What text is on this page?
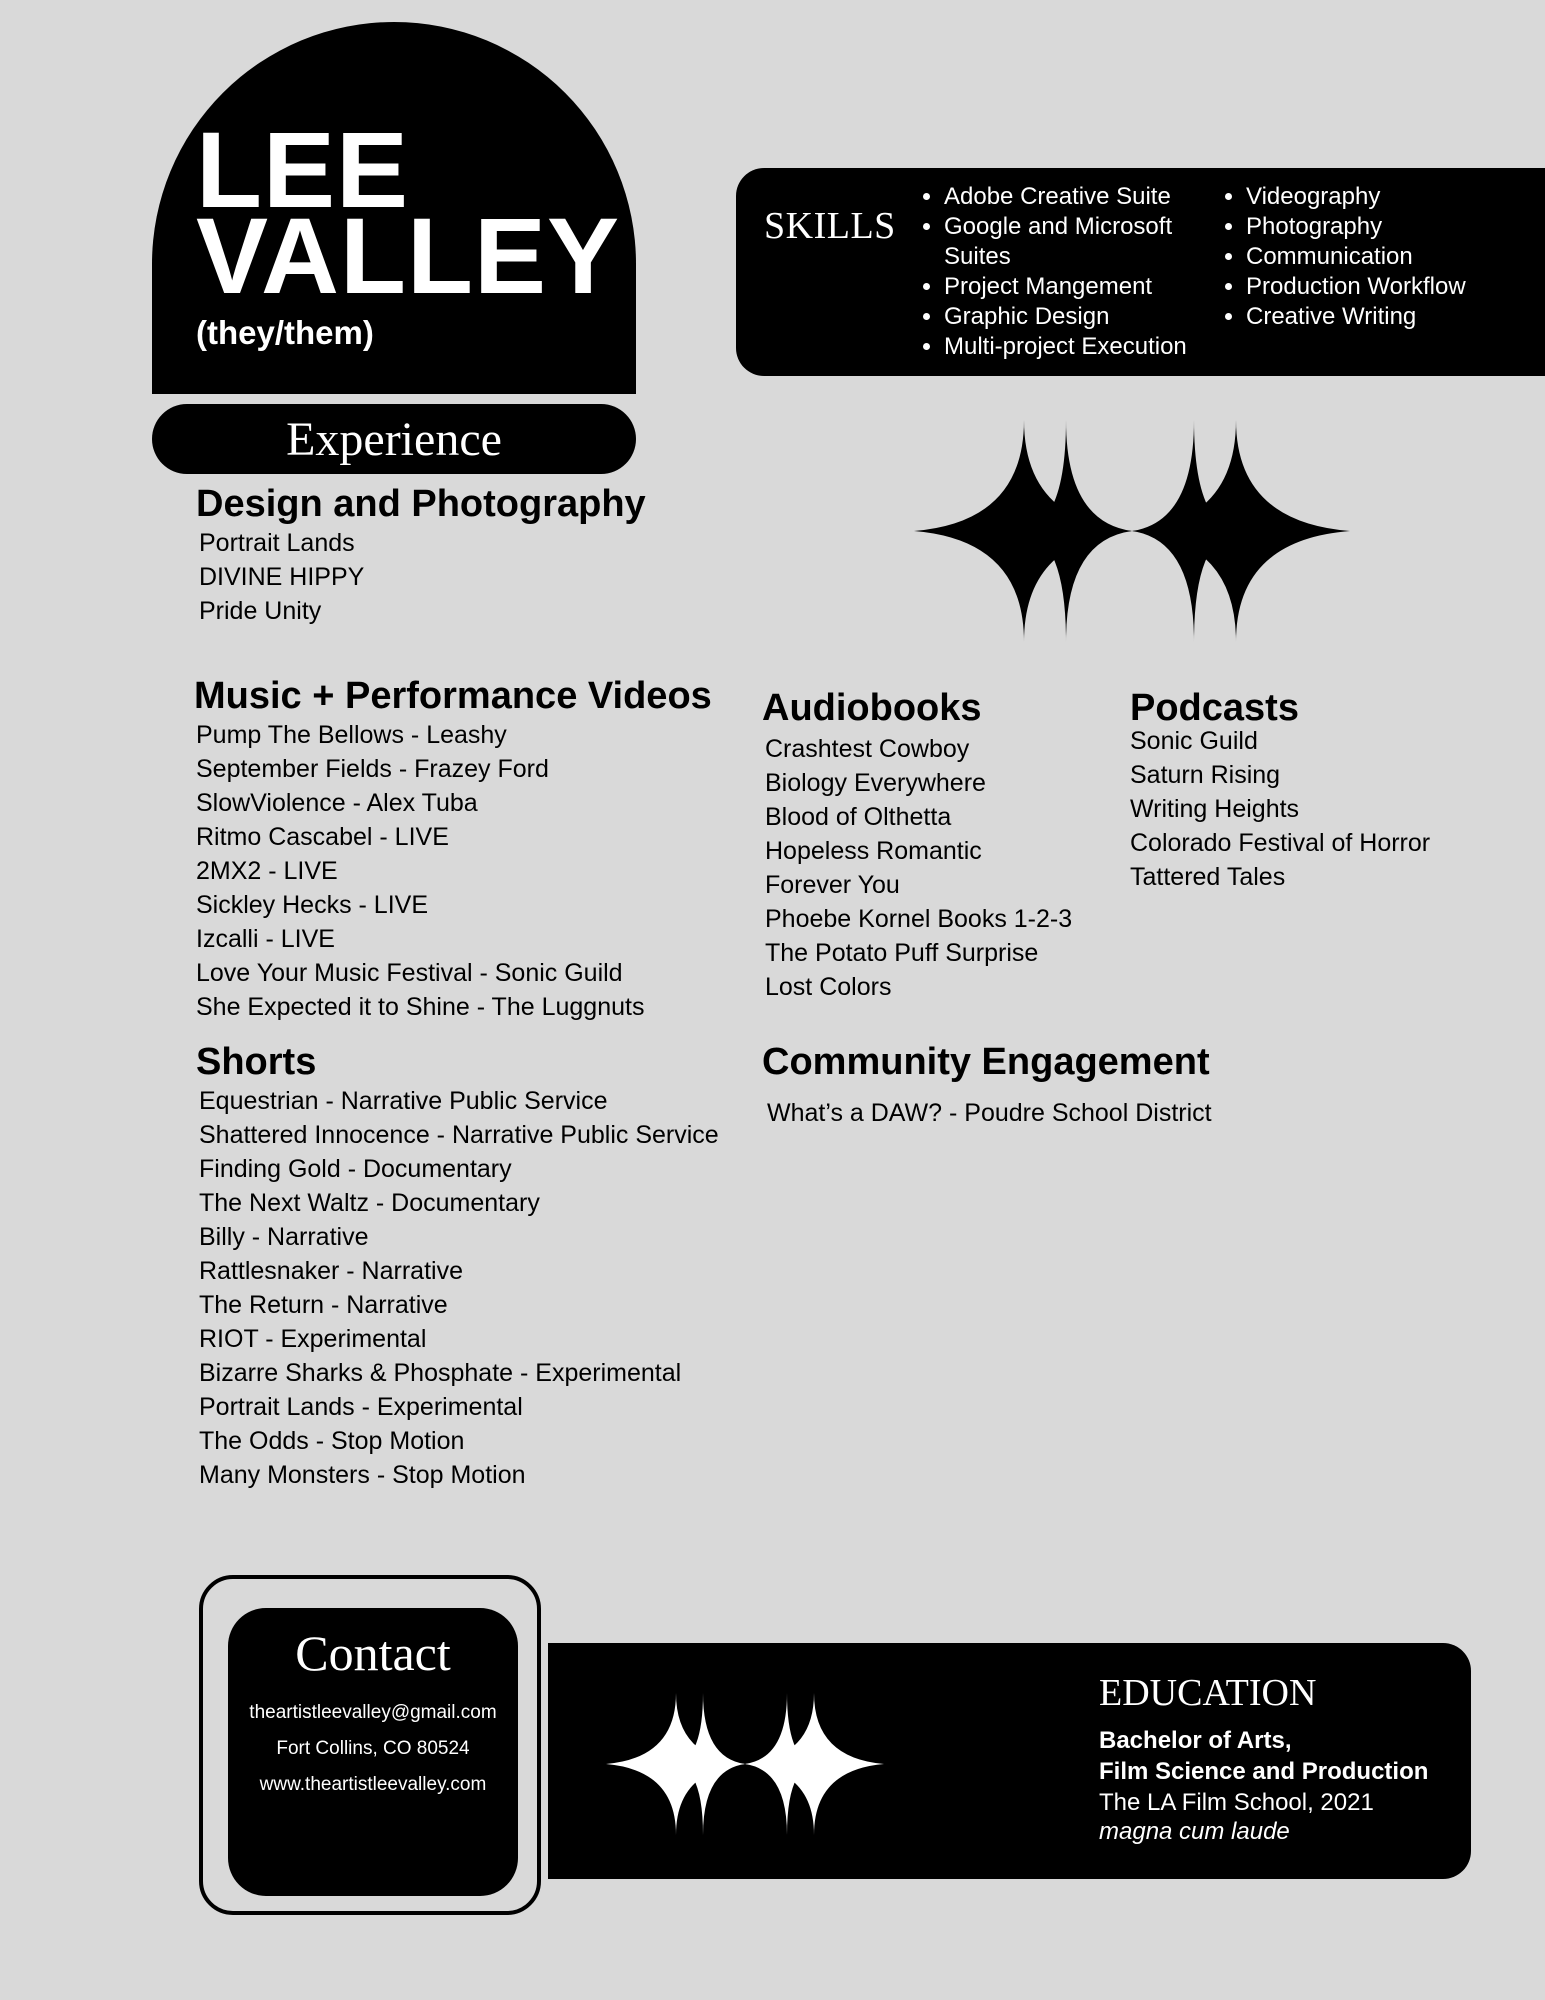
LEE
VALLEY
(they/them)
Experience
SKILLS
• Adobe Creative Suite
• Google and Microsoft Suites
• Project Mangement
• Graphic Design
• Multi-project Execution
• Videography
• Photography
• Communication
• Production Workflow
• Creative Writing
Design and Photography
Portrait Lands
DIVINE HIPPY
Pride Unity
Music + Performance Videos
Pump The Bellows - Leashy
September Fields - Frazey Ford
SlowViolence - Alex Tuba
Ritmo Cascabel - LIVE
2MX2 - LIVE
Sickley Hecks - LIVE
Izcalli - LIVE
Love Your Music Festival - Sonic Guild
She Expected it to Shine - The Luggnuts
Audiobooks
Crashtest Cowboy
Biology Everywhere
Blood of Olthetta
Hopeless Romantic
Forever You
Phoebe Kornel Books 1-2-3
The Potato Puff Surprise
Lost Colors
Podcasts
Sonic Guild
Saturn Rising
Writing Heights
Colorado Festival of Horror
Tattered Tales
Shorts
Equestrian - Narrative Public Service
Shattered Innocence - Narrative Public Service
Finding Gold - Documentary
The Next Waltz - Documentary
Billy - Narrative
Rattlesnaker - Narrative
The Return - Narrative
RIOT - Experimental
Bizarre Sharks & Phosphate - Experimental
Portrait Lands - Experimental
The Odds - Stop Motion
Many Monsters - Stop Motion
Community Engagement
What’s a DAW? - Poudre School District
EDUCATION
Bachelor of Arts,
Film Science and Production
The LA Film School, 2021
magna cum laude
Contact
theartistleevalley@gmail.com
Fort Collins, CO 80524
www.theartistleevalley.com
